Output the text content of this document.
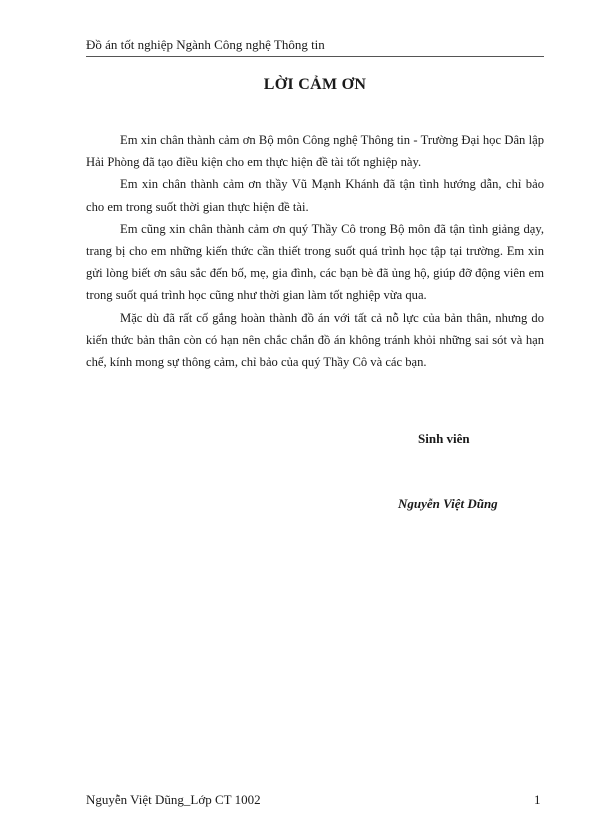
Đồ án tốt nghiệp Ngành Công nghệ Thông tin
LỜI CẢM ƠN

Em xin chân thành cảm ơn Bộ môn Công nghệ Thông tin - Trường Đại học Dân lập Hải Phòng đã tạo điều kiện cho em thực hiện đề tài tốt nghiệp này.

Em xin chân thành cảm ơn thầy Vũ Mạnh Khánh đã tận tình hướng dẫn, chỉ bảo cho em trong suốt thời gian thực hiện đề tài.

Em cũng xin chân thành cảm ơn quý Thầy Cô trong Bộ môn đã tận tình giảng dạy, trang bị cho em những kiến thức cần thiết trong suốt quá trình học tập tại trường. Em xin gửi lòng biết ơn sâu sắc đến bố, mẹ, gia đình, các bạn bè đã ủng hộ, giúp đỡ động viên em trong suốt quá trình học cũng như thời gian làm tốt nghiệp vừa qua.

Mặc dù đã rất cố gắng hoàn thành đồ án với tất cả nỗ lực của bản thân, nhưng do kiến thức bản thân còn có hạn nên chắc chắn đồ án không tránh khỏi những sai sót và hạn chế, kính mong sự thông cảm, chỉ bảo của quý Thầy Cô và các bạn.

Sinh viên
Nguyễn Việt Dũng
Nguyễn Việt Dũng_Lớp CT 1002	1
